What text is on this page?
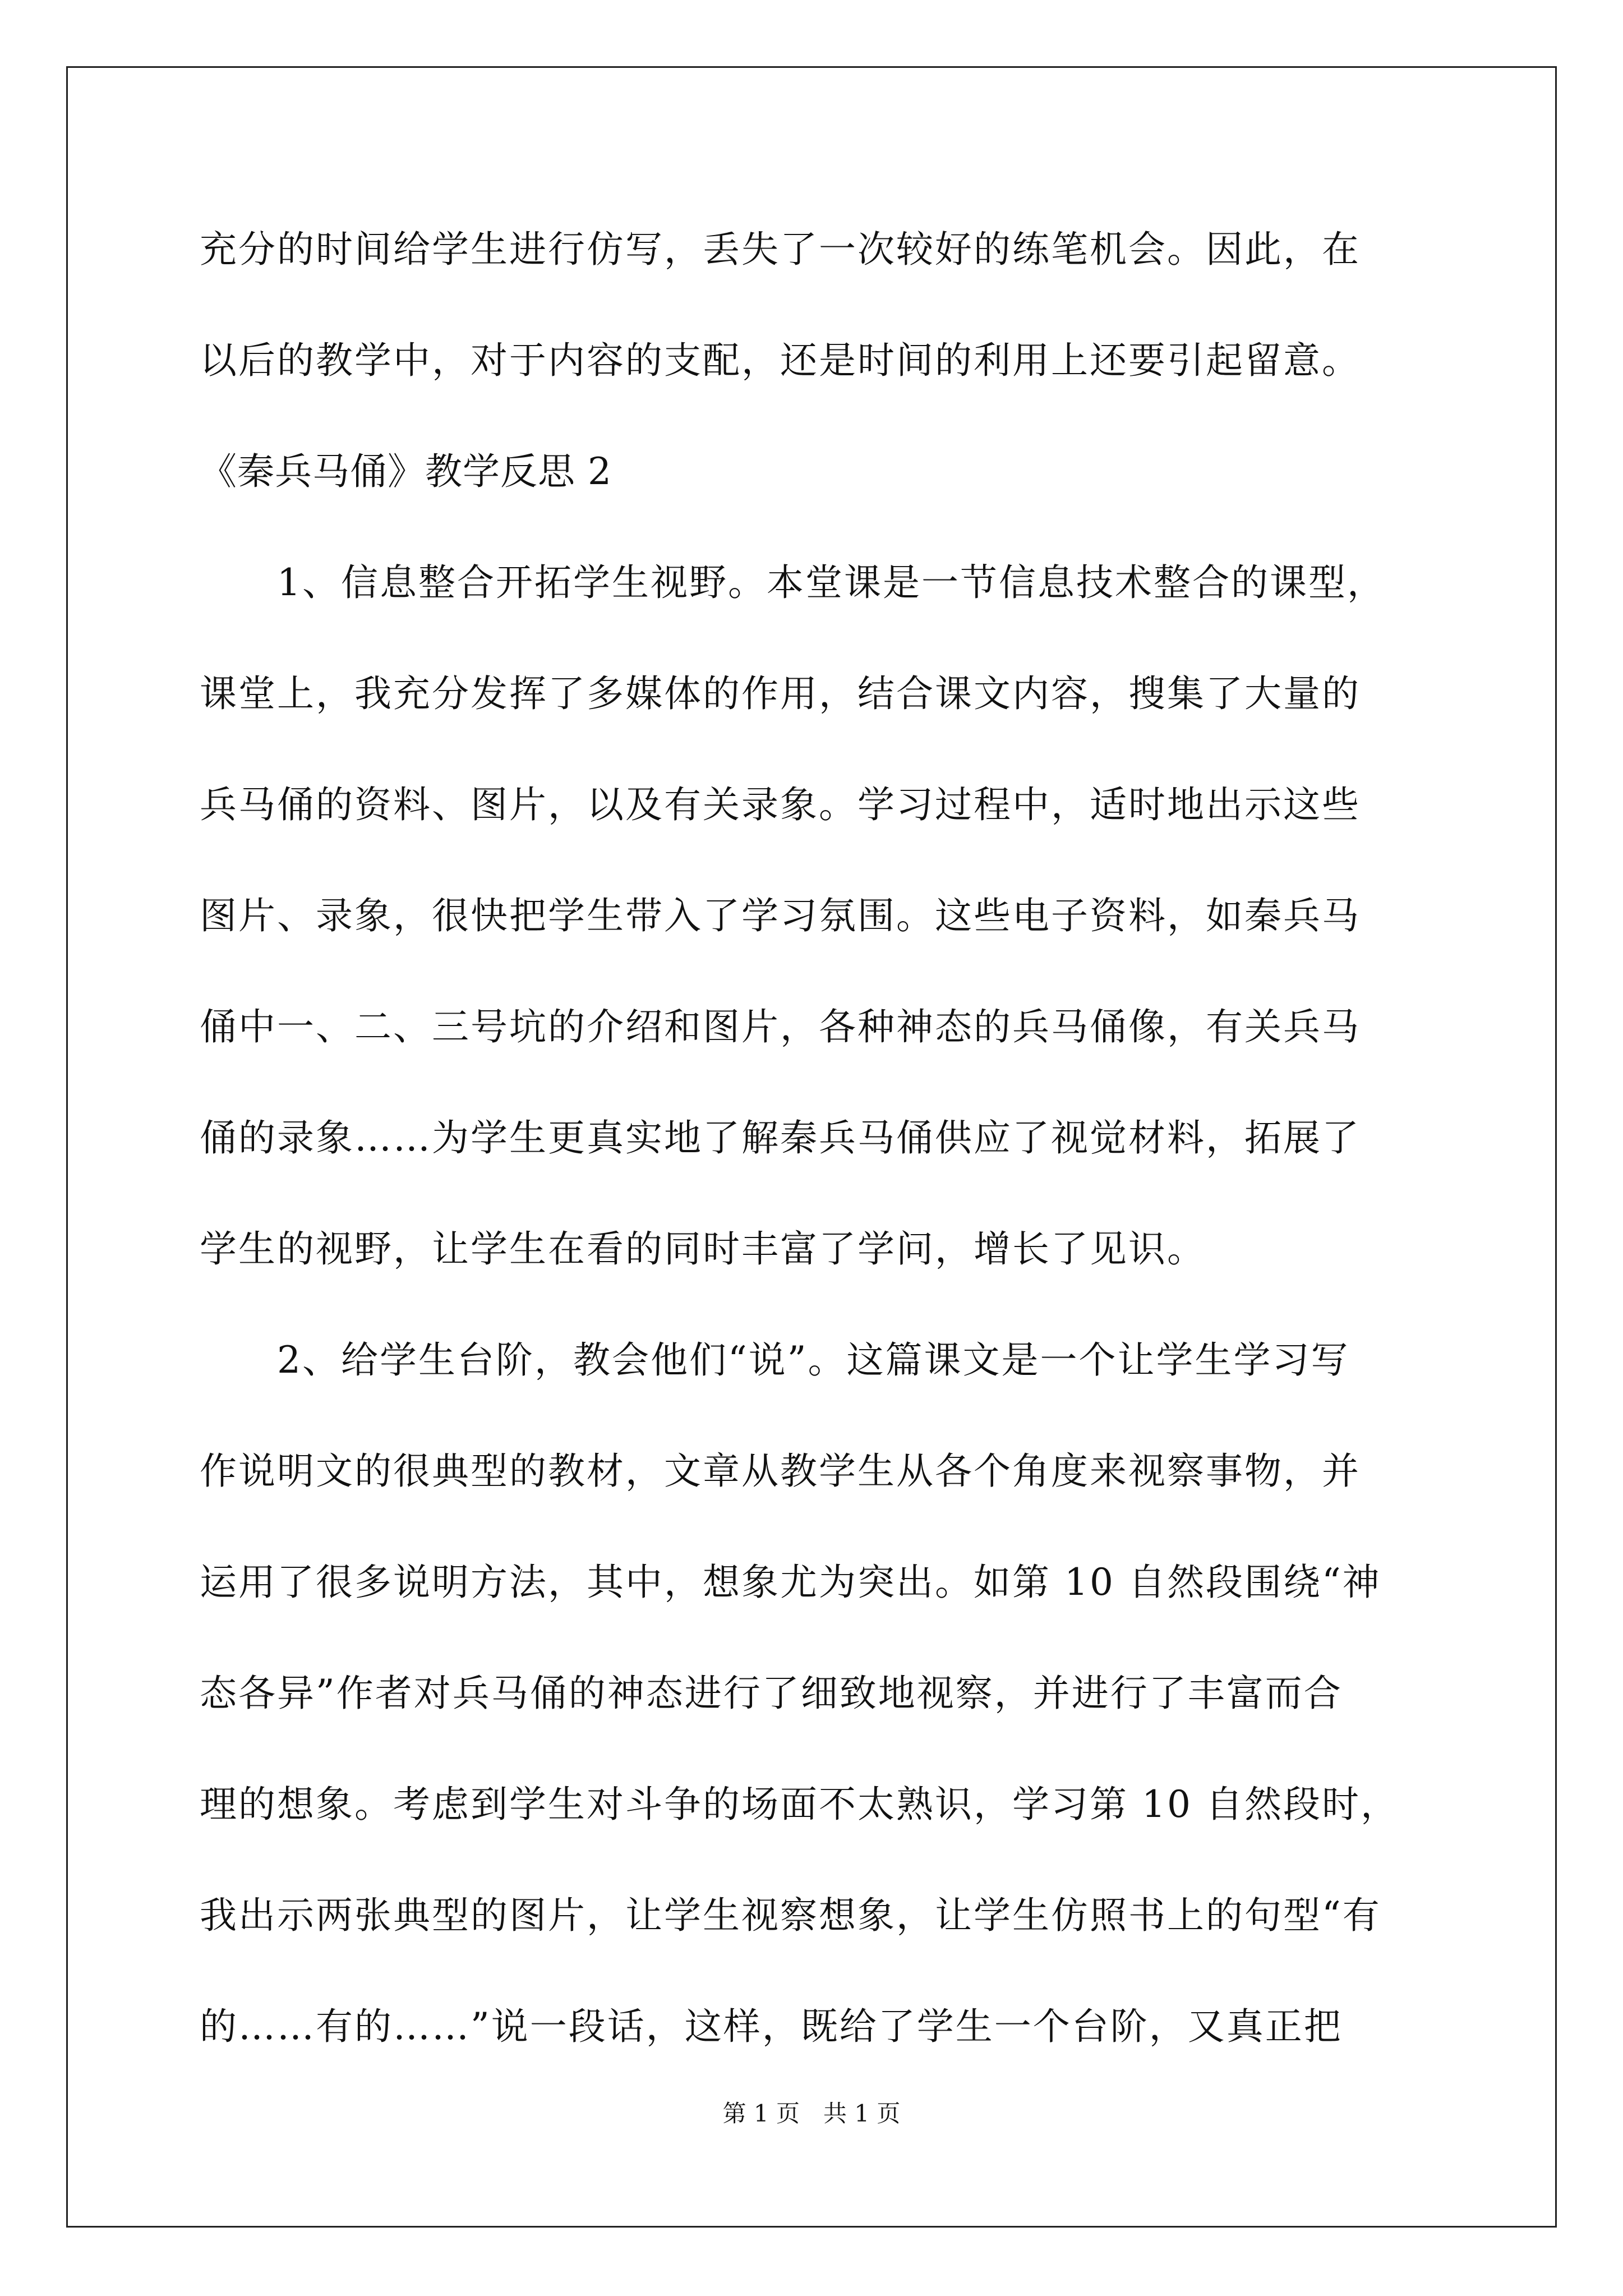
充分的时间给学生进行仿写，丢失了一次较好的练笔机会。因此，在
以后的教学中，对于内容的支配，还是时间的利用上还要引起留意。
《秦兵马俑》教学反思 2
　　1、信息整合开拓学生视野。本堂课是一节信息技术整合的课型，
课堂上，我充分发挥了多媒体的作用，结合课文内容，搜集了大量的
兵马俑的资料、图片，以及有关录象。学习过程中，适时地出示这些
图片、录象，很快把学生带入了学习氛围。这些电子资料，如秦兵马
俑中一、二、三号坑的介绍和图片，各种神态的兵马俑像，有关兵马
俑的录象……为学生更真实地了解秦兵马俑供应了视觉材料，拓展了
学生的视野，让学生在看的同时丰富了学问，增长了见识。
　　2、给学生台阶，教会他们“说”。这篇课文是一个让学生学习写
作说明文的很典型的教材，文章从教学生从各个角度来视察事物，并
运用了很多说明方法，其中，想象尤为突出。如第 10 自然段围绕“神
态各异”作者对兵马俑的神态进行了细致地视察，并进行了丰富而合
理的想象。考虑到学生对斗争的场面不太熟识，学习第 10 自然段时，
我出示两张典型的图片，让学生视察想象，让学生仿照书上的句型“有
的……有的……”说一段话，这样，既给了学生一个台阶，又真正把
第 1 页　共 1 页
